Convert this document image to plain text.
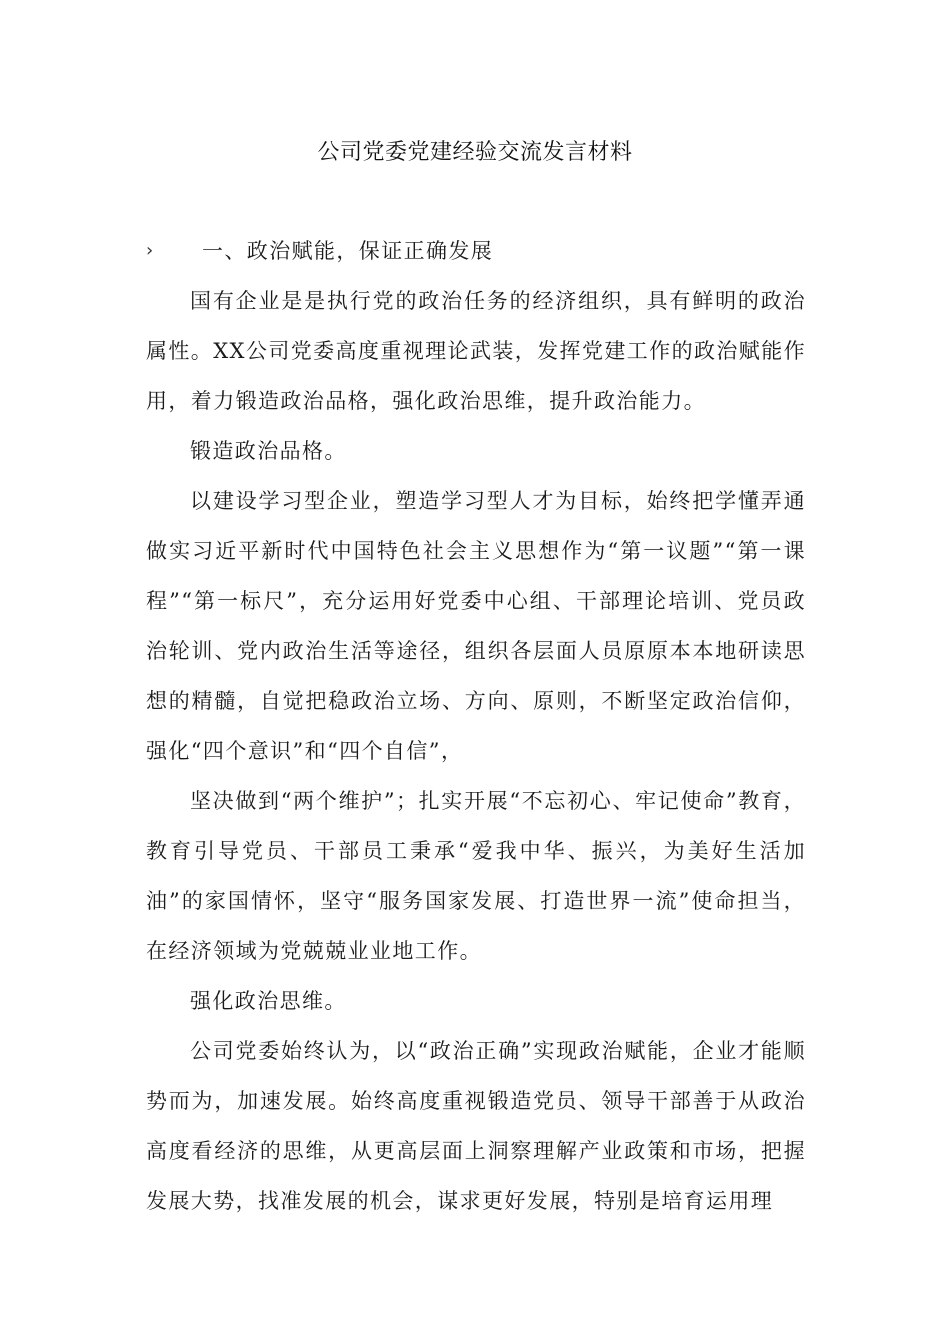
公司党委党建经验交流发言材料
› 一、政治赋能，保证正确发展

国有企业是是执行党的政治任务的经济组织，具有鲜明的政治属性。XX公司党委高度重视理论武装，发挥党建工作的政治赋能作用，着力锻造政治品格，强化政治思维，提升政治能力。

锻造政治品格。

以建设学习型企业，塑造学习型人才为目标，始终把学懂弄通做实习近平新时代中国特色社会主义思想作为“第一议题”“第一课程”“第一标尺”，充分运用好党委中心组、干部理论培训、党员政治轮训、党内政治生活等途径，组织各层面人员原原本本地研读思想的精髓，自觉把稳政治立场、方向、原则，不断坚定政治信仰，强化“四个意识”和“四个自信”，

坚决做到“两个维护”；扎实开展“不忘初心、牢记使命”教育，教育引导党员、干部员工秉承“爱我中华、振兴，为美好生活加油”的家国情怀，坚守“服务国家发展、打造世界一流”使命担当，在经济领域为党兢兢业业地工作。

强化政治思维。

公司党委始终认为，以“政治正确”实现政治赋能，企业才能顺势而为，加速发展。始终高度重视锻造党员、领导干部善于从政治高度看经济的思维，从更高层面上洞察理解产业政策和市场，把握发展大势，找准发展的机会，谋求更好发展，特别是培育运用理
